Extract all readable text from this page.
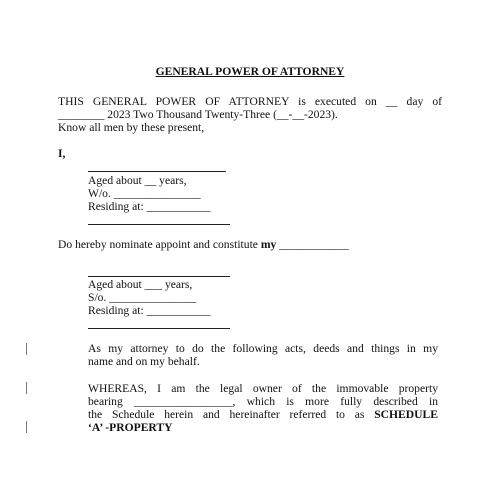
GENERAL POWER OF ATTORNEY
THIS GENERAL POWER OF ATTORNEY is executed on __ day of
________ 2023 Two Thousand Twenty-Three (__-__-2023).
Know all men by these present,
I,
Aged about __ years,
W/o. _______________
Residing at: ___________
Do hereby nominate appoint and constitute my ____________
Aged about ___ years,
S/o. _______________
Residing at: ___________
As my attorney to do the following acts, deeds and things in my
name and on my behalf.
WHEREAS, I am the legal owner of the immovable property
bearing _________________, which is more fully described in
the Schedule herein and hereinafter referred to as SCHEDULE
‘A’ -PROPERTY
